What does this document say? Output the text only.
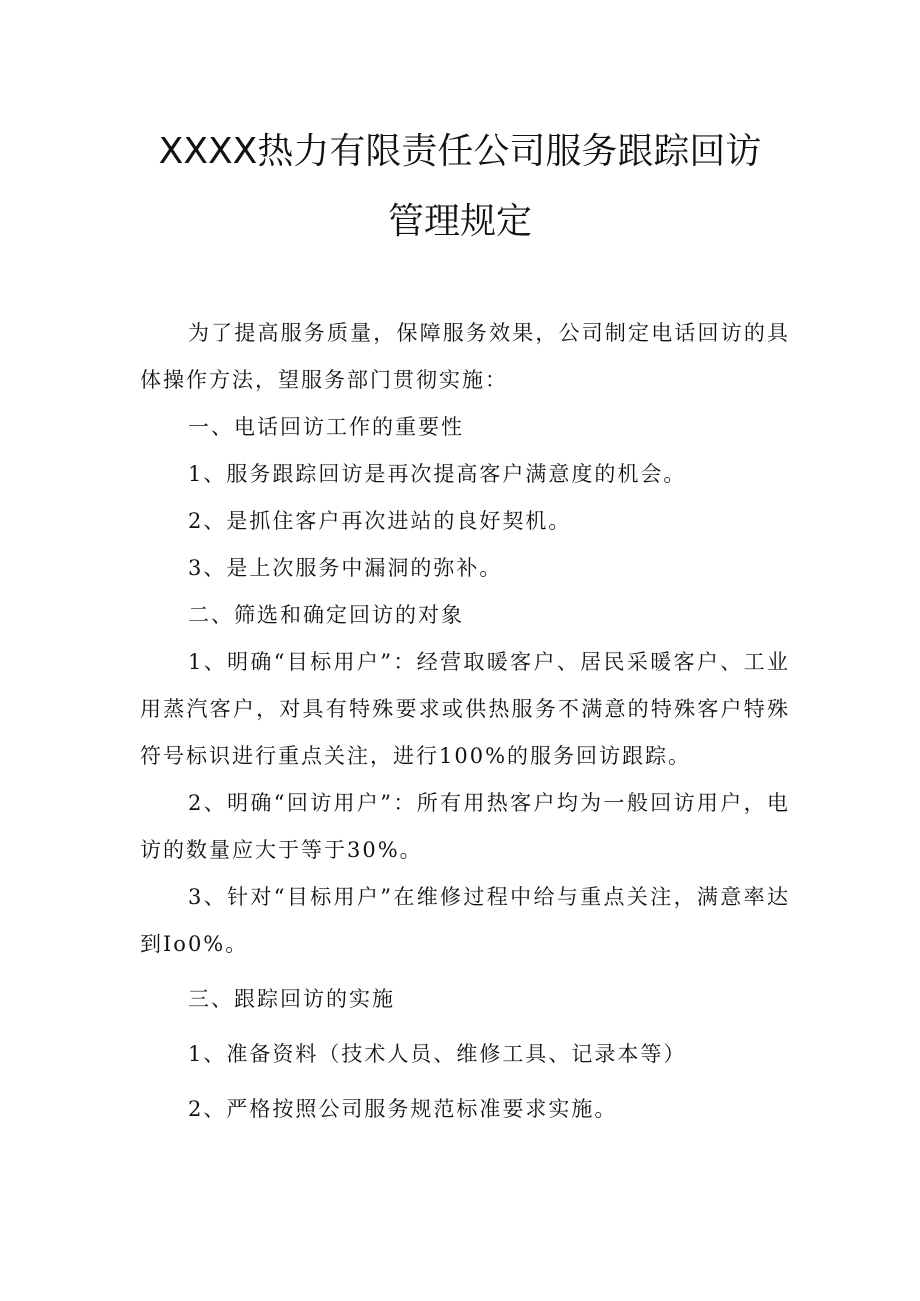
XXXX热力有限责任公司服务跟踪回访
管理规定

为了提高服务质量，保障服务效果，公司制定电话回访的具体操作方法，望服务部门贯彻实施：

一、电话回访工作的重要性

1、服务跟踪回访是再次提高客户满意度的机会。

2、是抓住客户再次进站的良好契机。

3、是上次服务中漏洞的弥补。

二、筛选和确定回访的对象

1、明确“目标用户”：经营取暖客户、居民采暖客户、工业用蒸汽客户，对具有特殊要求或供热服务不满意的特殊客户特殊符号标识进行重点关注，进行100%的服务回访跟踪。

2、明确“回访用户”：所有用热客户均为一般回访用户，电访的数量应大于等于30%。

3、针对“目标用户”在维修过程中给与重点关注，满意率达到Io0%。

三、跟踪回访的实施

1、准备资料（技术人员、维修工具、记录本等）

2、严格按照公司服务规范标准要求实施。
